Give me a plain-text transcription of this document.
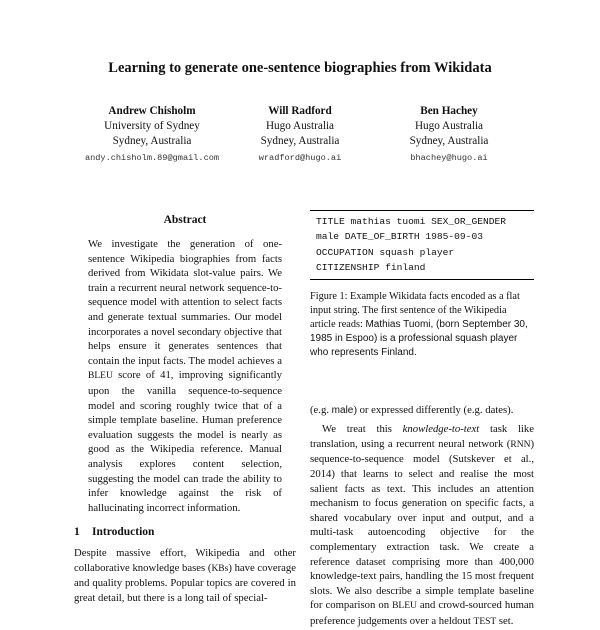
Learning to generate one-sentence biographies from Wikidata
Andrew Chisholm
University of Sydney
Sydney, Australia
andy.chisholm.89@gmail.com
Will Radford
Hugo Australia
Sydney, Australia
wradford@hugo.ai
Ben Hachey
Hugo Australia
Sydney, Australia
bhachey@hugo.ai
Abstract
We investigate the generation of one-sentence Wikipedia biographies from facts derived from Wikidata slot-value pairs. We train a recurrent neural network sequence-to-sequence model with attention to select facts and generate textual summaries. Our model incorporates a novel secondary objective that helps ensure it generates sentences that contain the input facts. The model achieves a BLEU score of 41, improving significantly upon the vanilla sequence-to-sequence model and scoring roughly twice that of a simple template baseline. Human preference evaluation suggests the model is nearly as good as the Wikipedia reference. Manual analysis explores content selection, suggesting the model can trade the ability to infer knowledge against the risk of hallucinating incorrect information.
1 Introduction
Despite massive effort, Wikipedia and other collaborative knowledge bases (KBs) have coverage and quality problems. Popular topics are covered in great detail, but there is a long tail of special-
TITLE mathias tuomi SEX_OR_GENDER
male DATE_OF_BIRTH 1985-09-03
OCCUPATION squash player
CITIZENSHIP finland
Figure 1: Example Wikidata facts encoded as a flat input string. The first sentence of the Wikipedia article reads: Mathias Tuomi, (born September 30, 1985 in Espoo) is a professional squash player who represents Finland.
(e.g. male) or expressed differently (e.g. dates).
We treat this knowledge-to-text task like translation, using a recurrent neural network (RNN) sequence-to-sequence model (Sutskever et al., 2014) that learns to select and realise the most salient facts as text. This includes an attention mechanism to focus generation on specific facts, a shared vocabulary over input and output, and a multi-task autoencoding objective for the complementary extraction task. We create a reference dataset comprising more than 400,000 knowledge-text pairs, handling the 15 most frequent slots. We also describe a simple template baseline for comparison on BLEU and crowd-sourced human preference judgements over a heldout TEST set.
